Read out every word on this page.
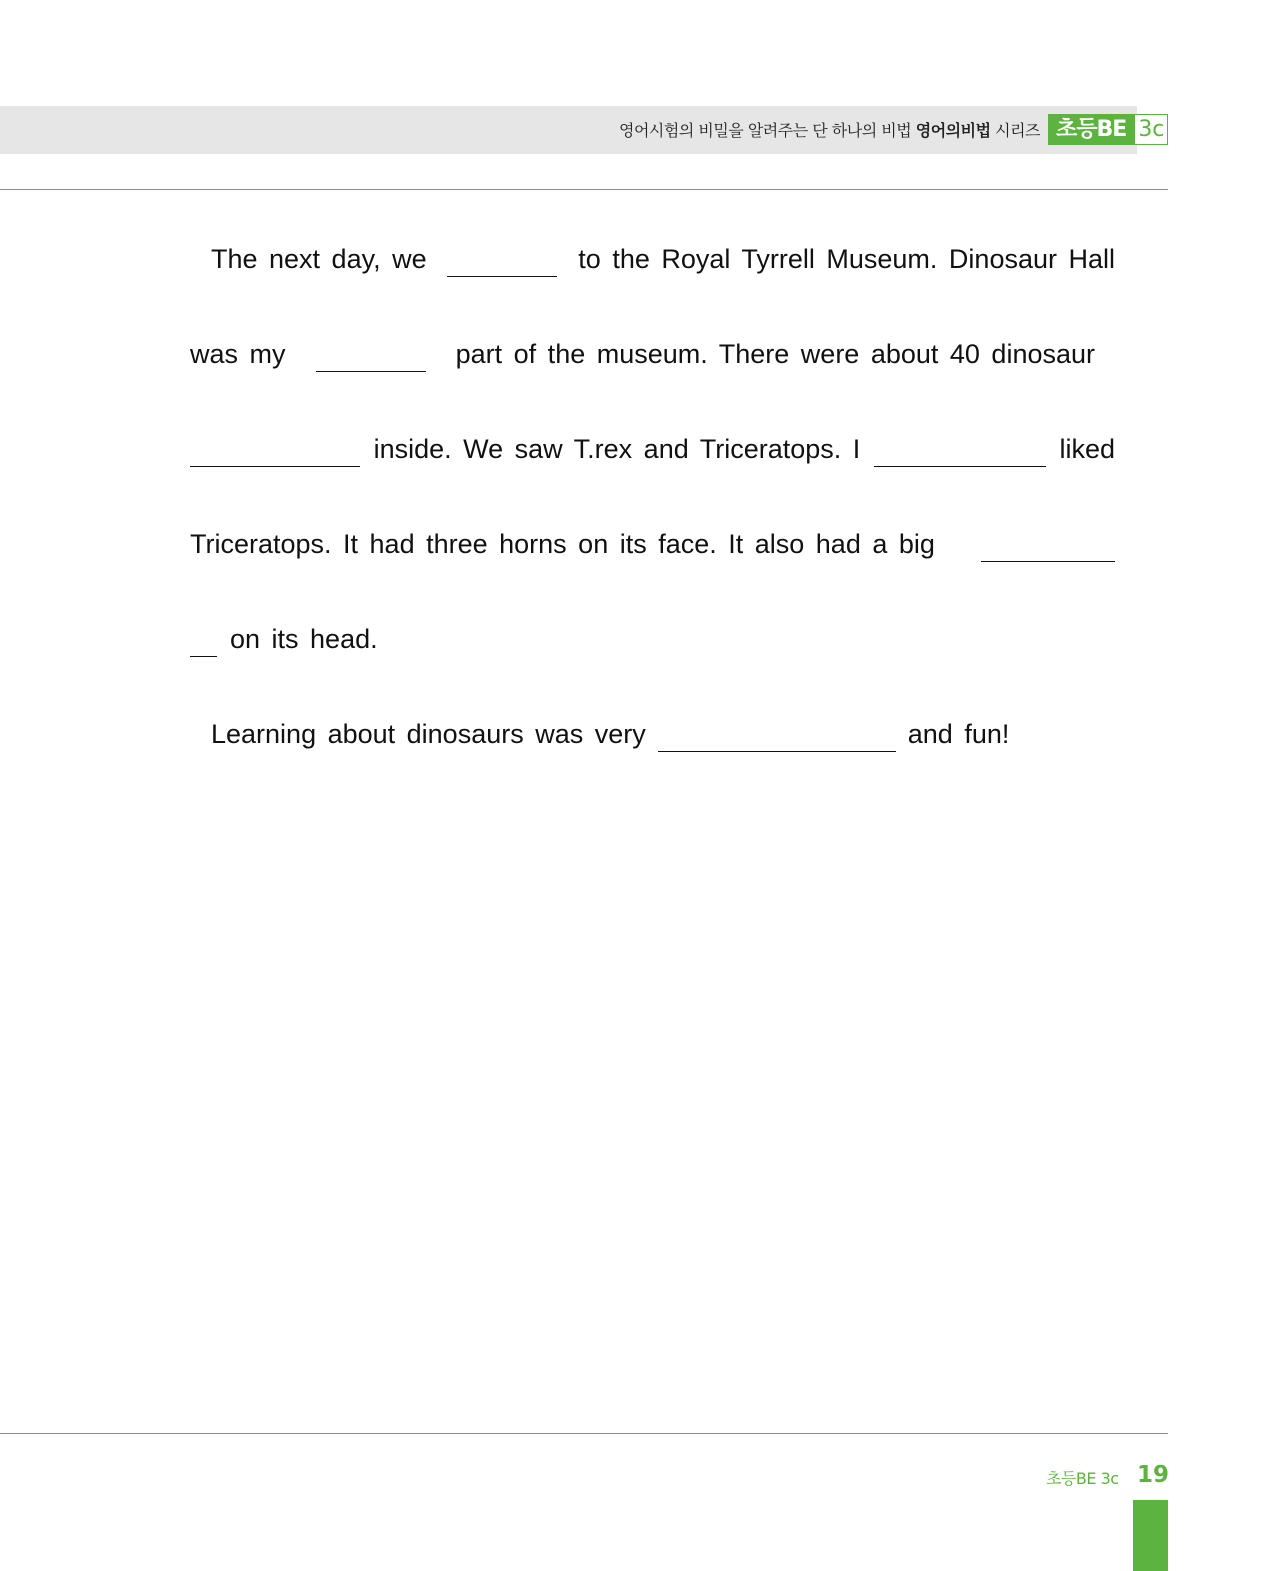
영어시험의 비밀을 알려주는 단 하나의 비법 영어의비법 시리즈 초등BE 3c
The next day, we	to the Royal Tyrrell Museum. Dinosaur Hall
was my	part of the museum. There were about 40 dinosaur
inside. We saw T.rex and Triceratops. I	liked
Triceratops. It had three horns on its face. It also had a big
on its head.
Learning about dinosaurs was very	and fun!
초등BE 3c 19
